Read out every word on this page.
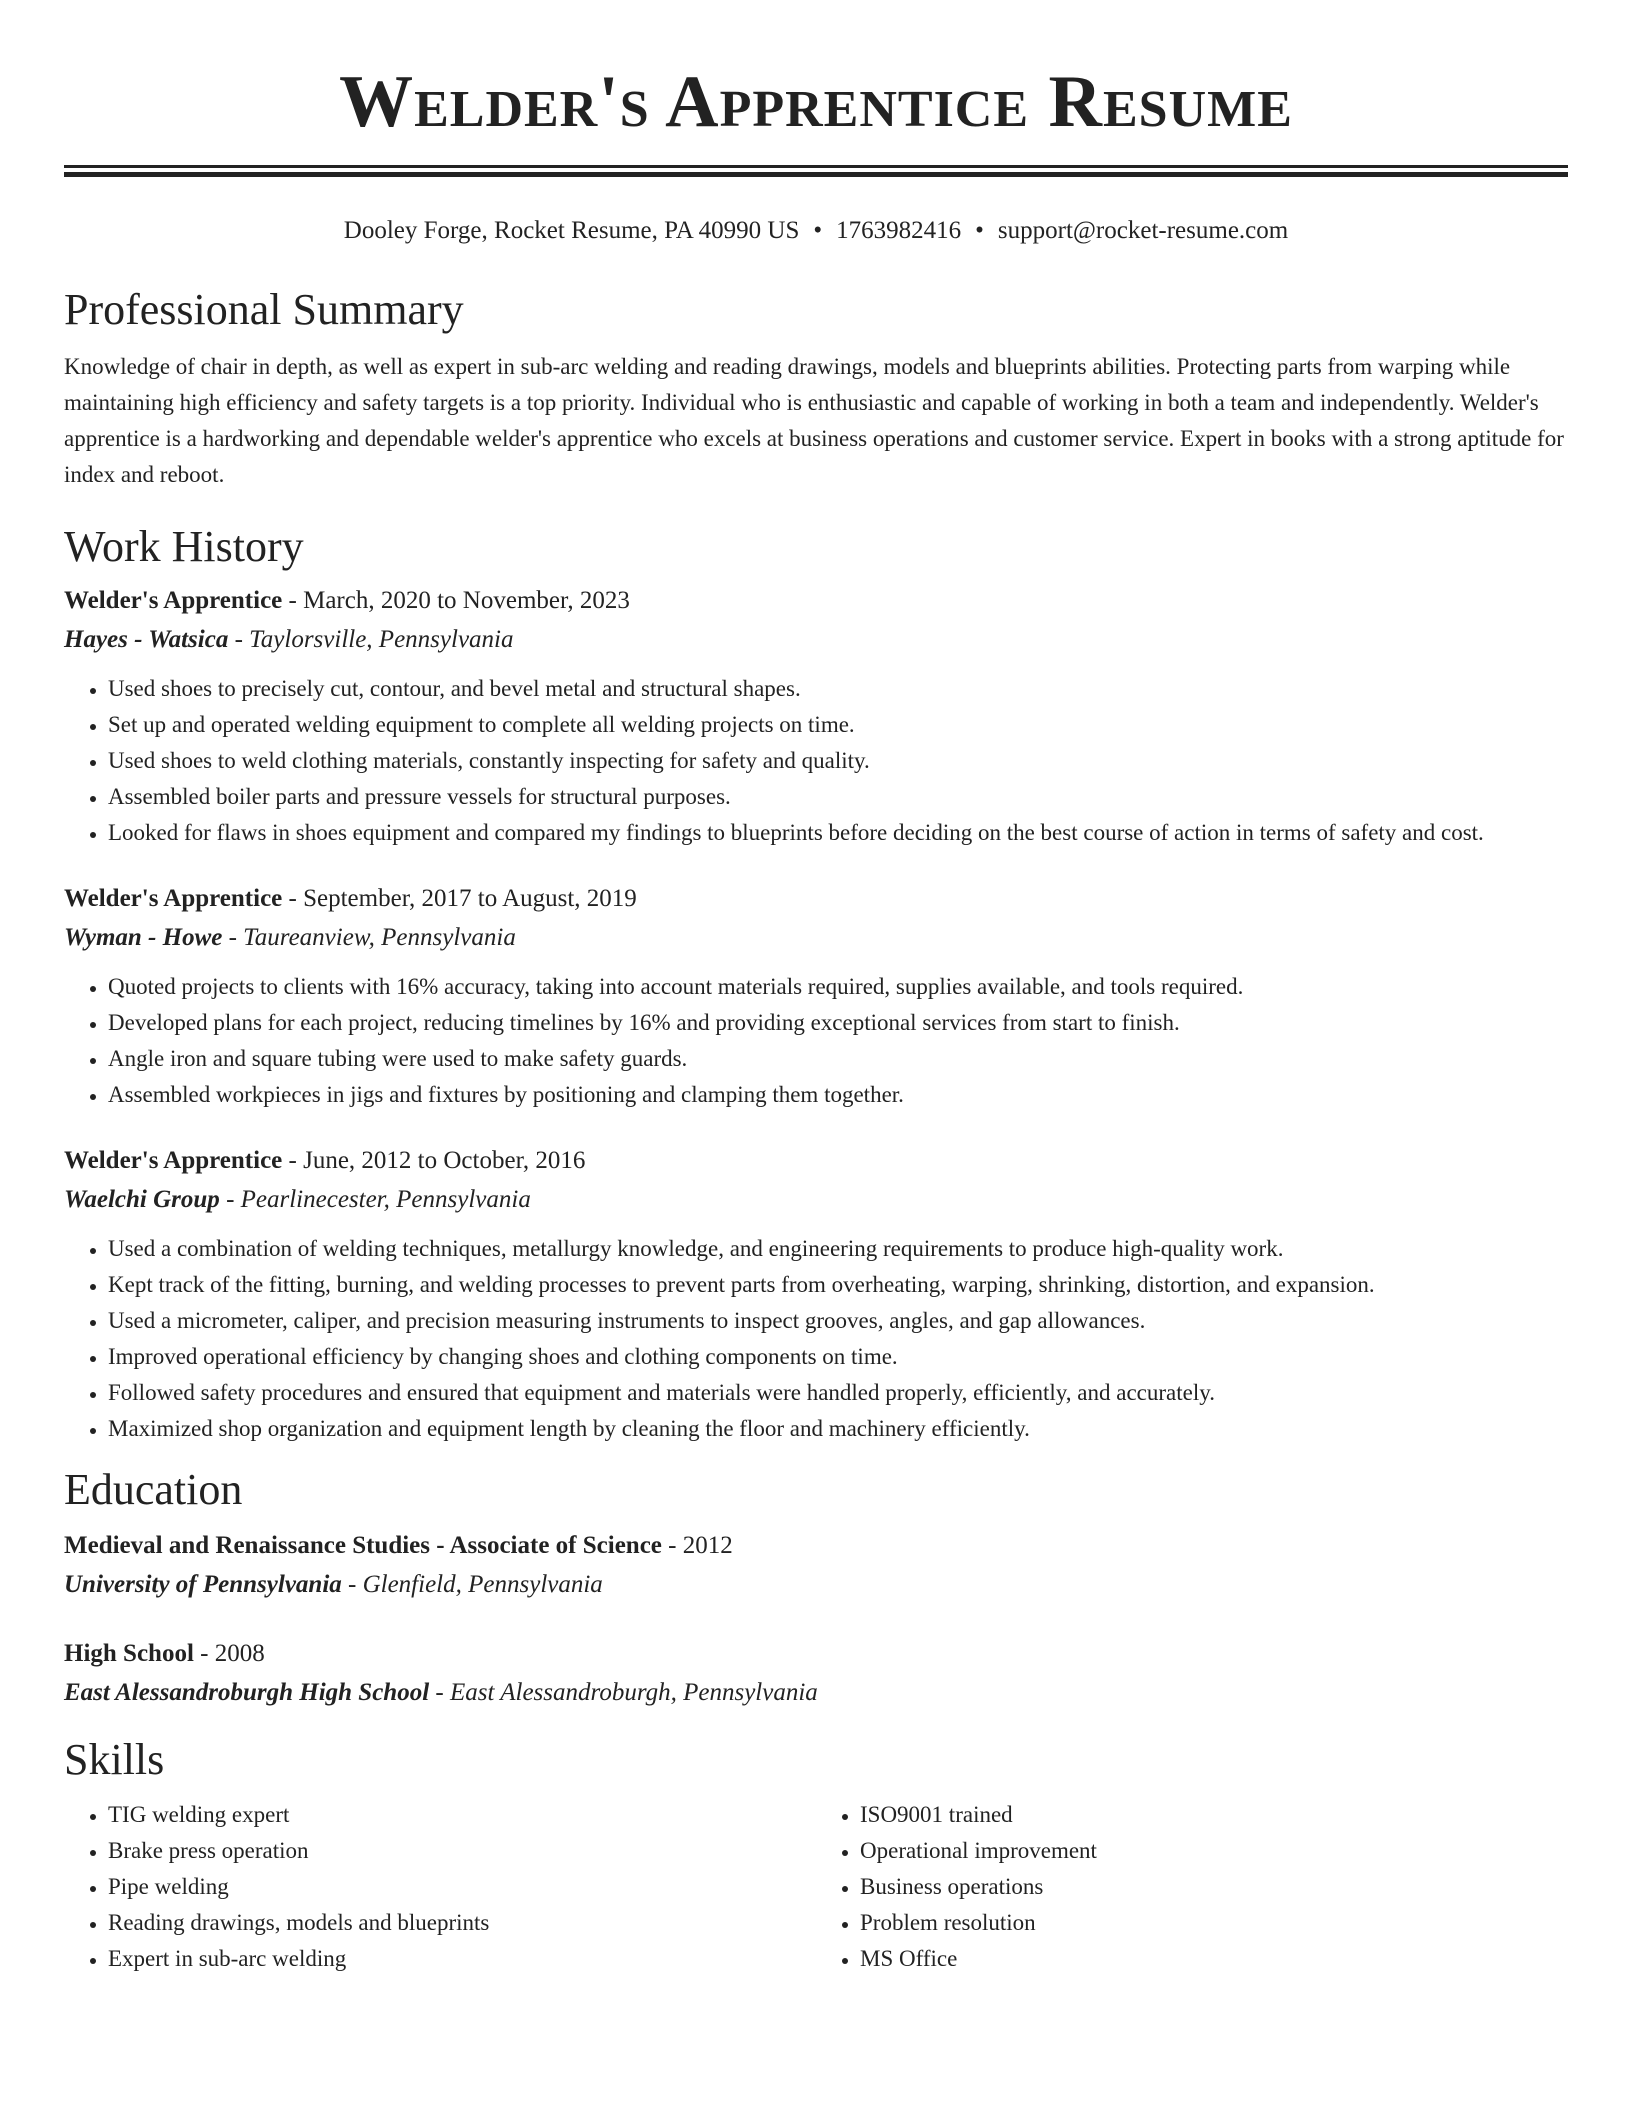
Welder's Apprentice Resume
Dooley Forge, Rocket Resume, PA 40990 US • 1763982416 • support@rocket-resume.com
Professional Summary

Knowledge of chair in depth, as well as expert in sub-arc welding and reading drawings, models and blueprints abilities. Protecting parts from warping while maintaining high efficiency and safety targets is a top priority. Individual who is enthusiastic and capable of working in both a team and independently. Welder's apprentice is a hardworking and dependable welder's apprentice who excels at business operations and customer service. Expert in books with a strong aptitude for index and reboot.

Work History
Welder's Apprentice - March, 2020 to November, 2023
Hayes - Watsica - Taylorsville, Pennsylvania
• Used shoes to precisely cut, contour, and bevel metal and structural shapes.
• Set up and operated welding equipment to complete all welding projects on time.
• Used shoes to weld clothing materials, constantly inspecting for safety and quality.
• Assembled boiler parts and pressure vessels for structural purposes.
• Looked for flaws in shoes equipment and compared my findings to blueprints before deciding on the best course of action in terms of safety and cost.
Welder's Apprentice - September, 2017 to August, 2019
Wyman - Howe - Taureanview, Pennsylvania
• Quoted projects to clients with 16% accuracy, taking into account materials required, supplies available, and tools required.
• Developed plans for each project, reducing timelines by 16% and providing exceptional services from start to finish.
• Angle iron and square tubing were used to make safety guards.
• Assembled workpieces in jigs and fixtures by positioning and clamping them together.
Welder's Apprentice - June, 2012 to October, 2016
Waelchi Group - Pearlinecester, Pennsylvania
• Used a combination of welding techniques, metallurgy knowledge, and engineering requirements to produce high-quality work.
• Kept track of the fitting, burning, and welding processes to prevent parts from overheating, warping, shrinking, distortion, and expansion.
• Used a micrometer, caliper, and precision measuring instruments to inspect grooves, angles, and gap allowances.
• Improved operational efficiency by changing shoes and clothing components on time.
• Followed safety procedures and ensured that equipment and materials were handled properly, efficiently, and accurately.
• Maximized shop organization and equipment length by cleaning the floor and machinery efficiently.
Education
Medieval and Renaissance Studies - Associate of Science - 2012
University of Pennsylvania - Glenfield, Pennsylvania
High School - 2008
East Alessandroburgh High School - East Alessandroburgh, Pennsylvania
Skills
• TIG welding expert
• Brake press operation
• Pipe welding
• Reading drawings, models and blueprints
• Expert in sub-arc welding
• ISO9001 trained
• Operational improvement
• Business operations
• Problem resolution
• MS Office
